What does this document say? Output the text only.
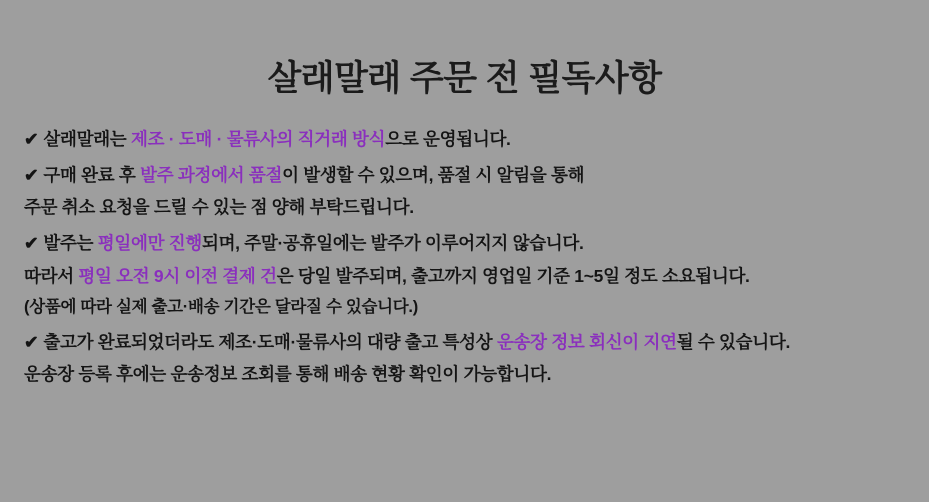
살래말래 주문 전 필독사항

✔ 살래말래는 제조 · 도매 · 물류사의 직거래 방식으로 운영됩니다.

✔ 구매 완료 후 발주 과정에서 품절이 발생할 수 있으며, 품절 시 알림을 통해

주문 취소 요청을 드릴 수 있는 점 양해 부탁드립니다.

✔ 발주는 평일에만 진행되며, 주말·공휴일에는 발주가 이루어지지 않습니다.

따라서 평일 오전 9시 이전 결제 건은 당일 발주되며, 출고까지 영업일 기준 1~5일 정도 소요됩니다.

(상품에 따라 실제 출고·배송 기간은 달라질 수 있습니다.)

✔ 출고가 완료되었더라도 제조·도매·물류사의 대량 출고 특성상 운송장 정보 회신이 지연될 수 있습니다.

운송장 등록 후에는 운송정보 조회를 통해 배송 현황 확인이 가능합니다.
